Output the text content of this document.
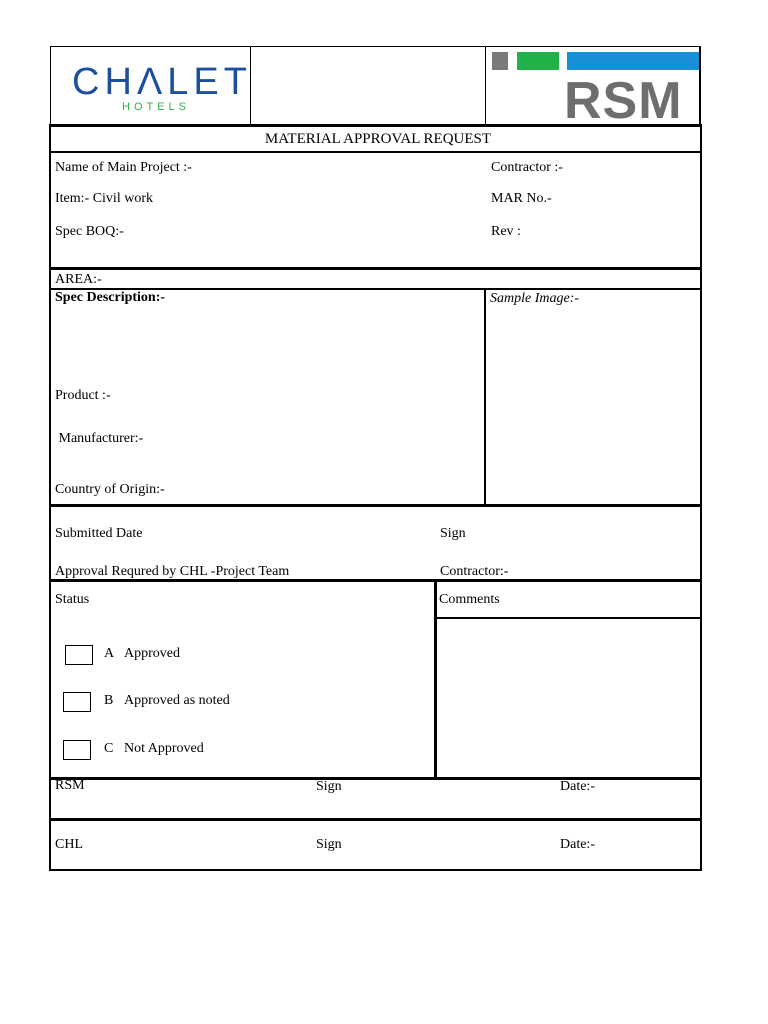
CHΛLET
HOTELS	RSM
MATERIAL APPROVAL REQUEST
Name of Main Project :-	Contractor :-
Item:- Civil work	MAR No.-
Spec BOQ:-	Rev :
AREA:-
Spec Description:-	Sample Image:-
Product :-
Manufacturer:-
Country of Origin:-
Submitted Date	Sign
Approval Requred by CHL -Project Team	Contractor:-
Status	Comments
A Approved
B Approved as noted
C Not Approved
RSM	Sign	Date:-
CHL	Sign	Date:-
